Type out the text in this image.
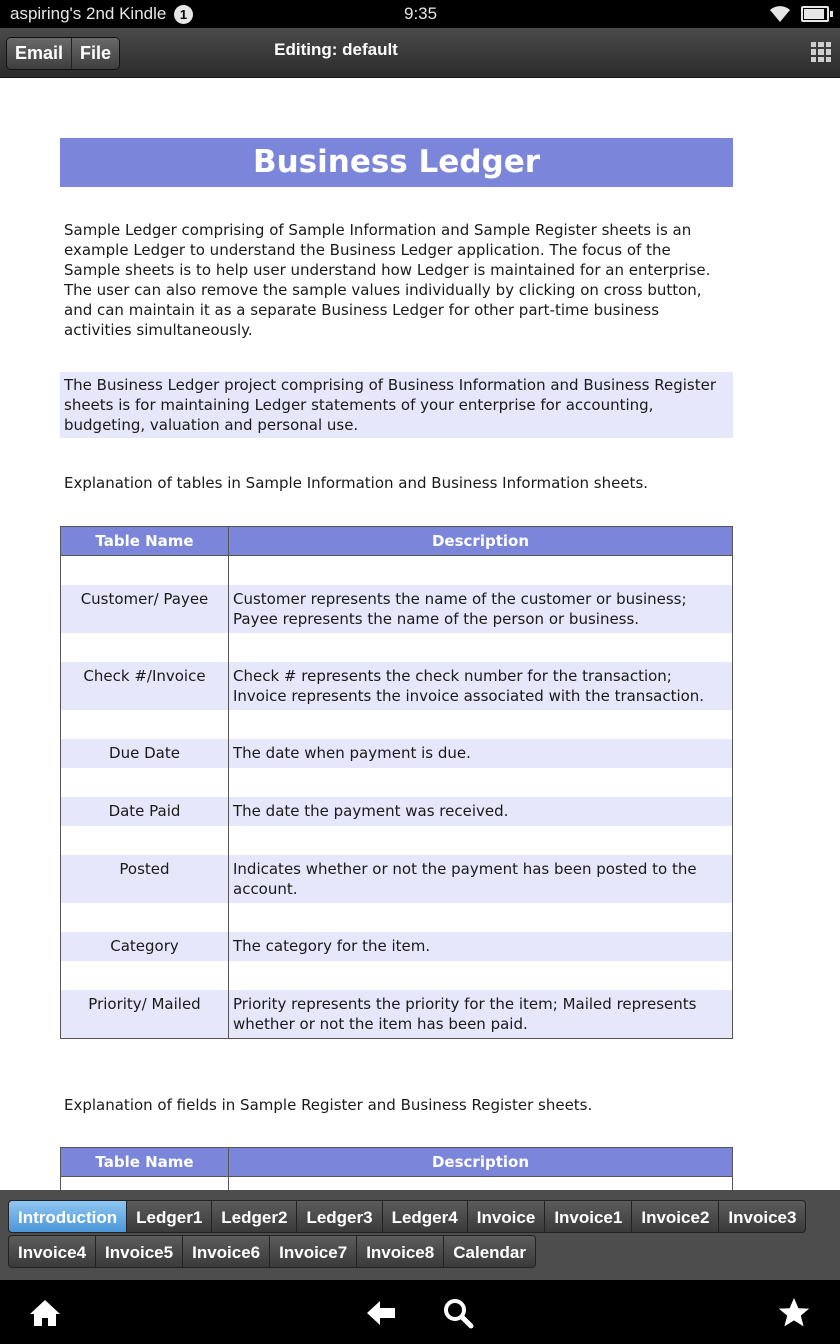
aspiring's 2nd Kindle	1	9:35
Email File	Editing: default
Business Ledger

Sample Ledger comprising of Sample Information and Sample Register sheets is an example Ledger to understand the Business Ledger application. The focus of the Sample sheets is to help user understand how Ledger is maintained for an enterprise. The user can also remove the sample values individually by clicking on cross button, and can maintain it as a separate Business Ledger for other part-time business activities simultaneously.

The Business Ledger project comprising of Business Information and Business Register sheets is for maintaining Ledger statements of your enterprise for accounting, budgeting, valuation and personal use.

Explanation of tables in Sample Information and Business Information sheets.

Table Name	Description

Customer/ Payee	Customer represents the name of the customer or business; Payee represents the name of the person or business.

Check #/Invoice	Check # represents the check number for the transaction; Invoice represents the invoice associated with the transaction.

Due Date	The date when payment is due.

Date Paid	The date the payment was received.

Posted	Indicates whether or not the payment has been posted to the account.

Category	The category for the item.

Priority/ Mailed	Priority represents the priority for the item; Mailed represents whether or not the item has been paid.

Explanation of fields in Sample Register and Business Register sheets.

Table Name	Description

Introduction	Ledger1	Ledger2	Ledger3	Ledger4	Invoice	Invoice1	Invoice2	Invoice3
Invoice4	Invoice5	Invoice6	Invoice7	Invoice8	Calendar
